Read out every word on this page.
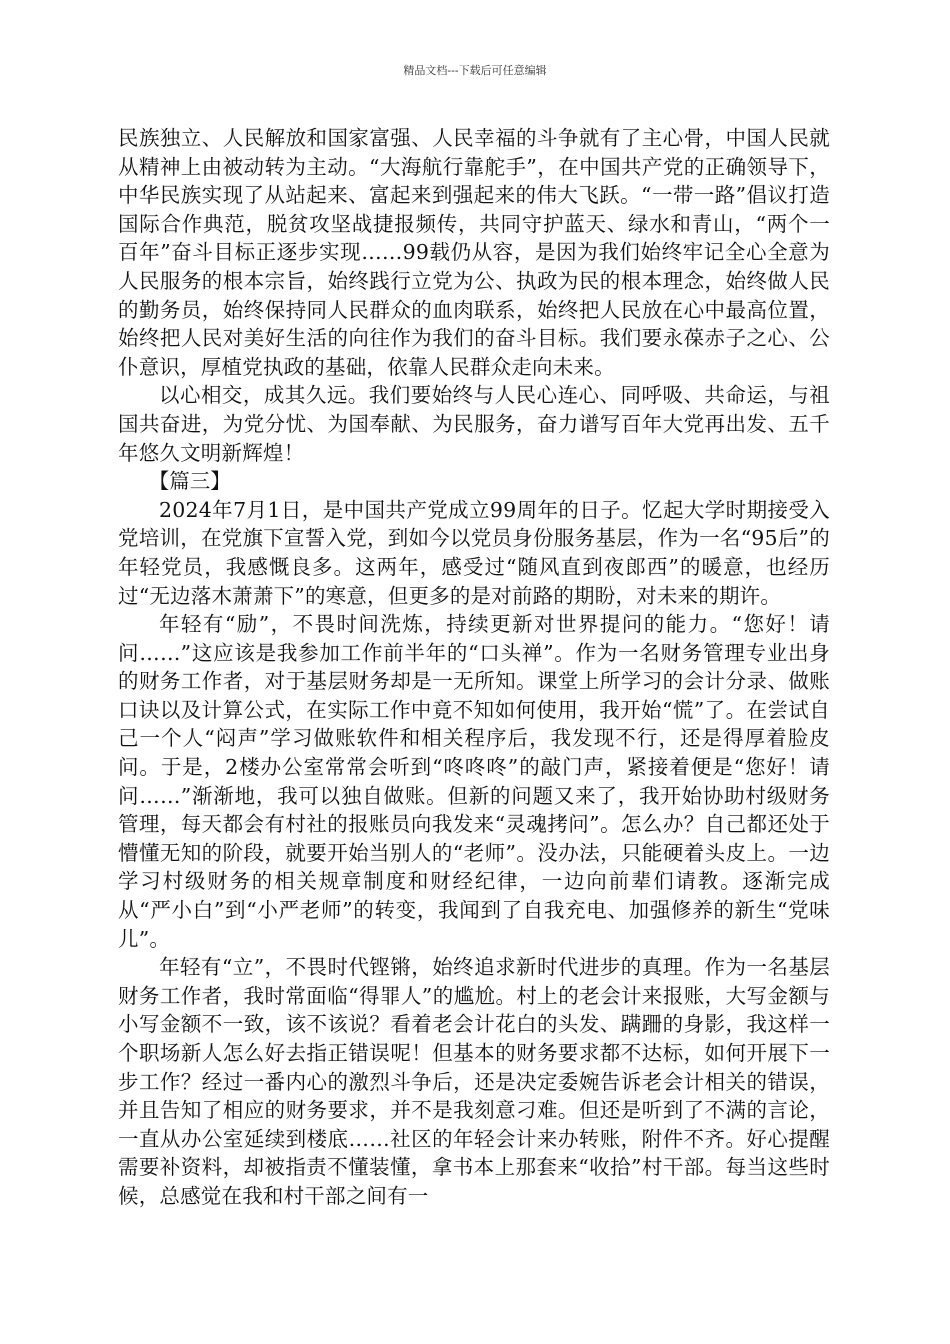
精品文档---下载后可任意编辑

民族独立、人民解放和国家富强、人民幸福的斗争就有了主心骨，中国人民就从精神上由被动转为主动。“大海航行靠舵手”，在中国共产党的正确领导下，中华民族实现了从站起来、富起来到强起来的伟大飞跃。“一带一路”倡议打造国际合作典范，脱贫攻坚战捷报频传，共同守护蓝天、绿水和青山，“两个一百年”奋斗目标正逐步实现……99载仍从容，是因为我们始终牢记全心全意为人民服务的根本宗旨，始终践行立党为公、执政为民的根本理念，始终做人民的勤务员，始终保持同人民群众的血肉联系，始终把人民放在心中最高位置，始终把人民对美好生活的向往作为我们的奋斗目标。我们要永葆赤子之心、公仆意识，厚植党执政的基础，依靠人民群众走向未来。

以心相交，成其久远。我们要始终与人民心连心、同呼吸、共命运，与祖国共奋进，为党分忧、为国奉献、为民服务，奋力谱写百年大党再出发、五千年悠久文明新辉煌！

【篇三】

2024年7月1日，是中国共产党成立99周年的日子。忆起大学时期接受入党培训，在党旗下宣誓入党，到如今以党员身份服务基层，作为一名“95后”的年轻党员，我感慨良多。这两年，感受过“随风直到夜郎西”的暖意，也经历过“无边落木萧萧下”的寒意，但更多的是对前路的期盼，对未来的期许。

年轻有“励”，不畏时间洗炼，持续更新对世界提问的能力。“您好！请问……”这应该是我参加工作前半年的“口头禅”。作为一名财务管理专业出身的财务工作者，对于基层财务却是一无所知。课堂上所学习的会计分录、做账口诀以及计算公式，在实际工作中竟不知如何使用，我开始“慌”了。在尝试自己一个人“闷声”学习做账软件和相关程序后，我发现不行，还是得厚着脸皮问。于是，2楼办公室常常会听到“咚咚咚”的敲门声，紧接着便是“您好！请问……”渐渐地，我可以独自做账。但新的问题又来了，我开始协助村级财务管理，每天都会有村社的报账员向我发来“灵魂拷问”。怎么办？自己都还处于懵懂无知的阶段，就要开始当别人的“老师”。没办法，只能硬着头皮上。一边学习村级财务的相关规章制度和财经纪律，一边向前辈们请教。逐渐完成从“严小白”到“小严老师”的转变，我闻到了自我充电、加强修养的新生“党味儿”。

年轻有“立”，不畏时代铿锵，始终追求新时代进步的真理。作为一名基层财务工作者，我时常面临“得罪人”的尴尬。村上的老会计来报账，大写金额与小写金额不一致，该不该说？看着老会计花白的头发、蹒跚的身影，我这样一个职场新人怎么好去指正错误呢！但基本的财务要求都不达标，如何开展下一步工作？经过一番内心的激烈斗争后，还是决定委婉告诉老会计相关的错误，并且告知了相应的财务要求，并不是我刻意刁难。但还是听到了不满的言论，一直从办公室延续到楼底……社区的年轻会计来办转账，附件不齐。好心提醒需要补资料，却被指责不懂装懂，拿书本上那套来“收拾”村干部。每当这些时候，总感觉在我和村干部之间有一
